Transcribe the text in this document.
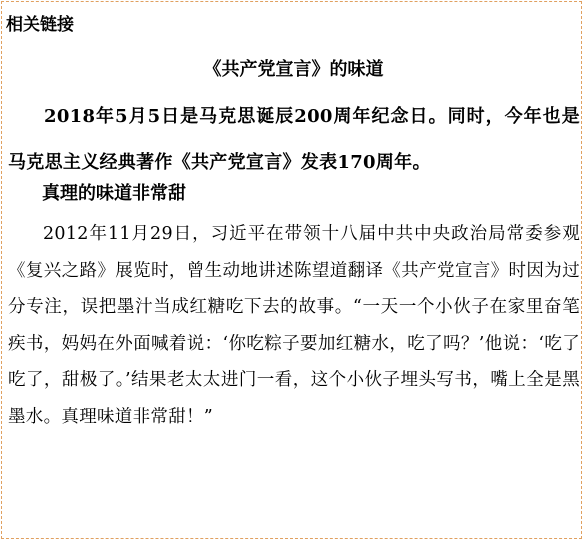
相关链接
《共产党宣言》的味道

2018年5月5日是马克思诞辰200周年纪念日。同时，今年也是马克思主义经典著作《共产党宣言》发表170周年。

真理的味道非常甜

2012年11月29日，习近平在带领十八届中共中央政治局常委参观《复兴之路》展览时，曾生动地讲述陈望道翻译《共产党宣言》时因为过分专注，误把墨汁当成红糖吃下去的故事。“一天一个小伙子在家里奋笔疾书，妈妈在外面喊着说：‘你吃粽子要加红糖水，吃了吗？’他说：‘吃了吃了，甜极了。’结果老太太进门一看，这个小伙子埋头写书，嘴上全是黑墨水。真理味道非常甜！”
